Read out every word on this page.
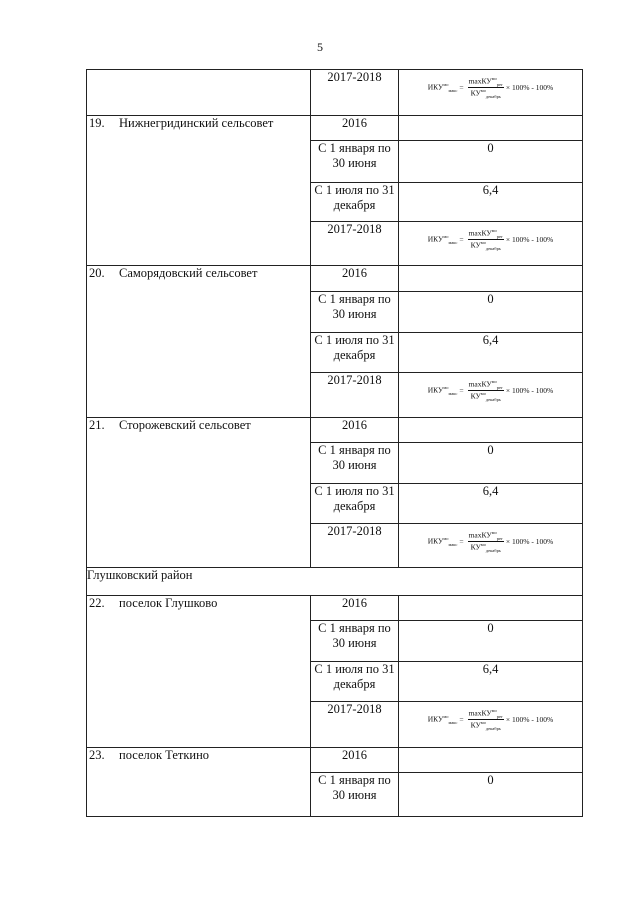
5
	2017-2018	$ИКУ^{мо}_{макс} = \frac{\max КУ^{мо}_{рег}}{КУ^{мо}_{декабрь}} \times 100\% - 100\%$

19. Нижнегридинский сельсовет	2016	
	С 1 января по 30 июня	0
	С 1 июля по 31 декабря	6,4
	2017-2018	$ИКУ^{мо}_{макс} = \frac{\max КУ^{мо}_{рег}}{КУ^{мо}_{декабрь}} \times 100\% - 100\%$

20. Саморядовский сельсовет	2016	
	С 1 января по 30 июня	0
	С 1 июля по 31 декабря	6,4
	2017-2018	$ИКУ^{мо}_{макс} = \frac{\max КУ^{мо}_{рег}}{КУ^{мо}_{декабрь}} \times 100\% - 100\%$

21. Сторожевский сельсовет	2016	
	С 1 января по 30 июня	0
	С 1 июля по 31 декабря	6,4
	2017-2018	$ИКУ^{мо}_{макс} = \frac{\max КУ^{мо}_{рег}}{КУ^{мо}_{декабрь}} \times 100\% - 100\%$

Глушковский район		
22. поселок Глушково	2016	
	С 1 января по 30 июня	0
	С 1 июля по 31 декабря	6,4
	2017-2018	$ИКУ^{мо}_{макс} = \frac{\max КУ^{мо}_{рег}}{КУ^{мо}_{декабрь}} \times 100\% - 100\%$

23. поселок Теткино	2016	
	С 1 января по 30 июня	0
